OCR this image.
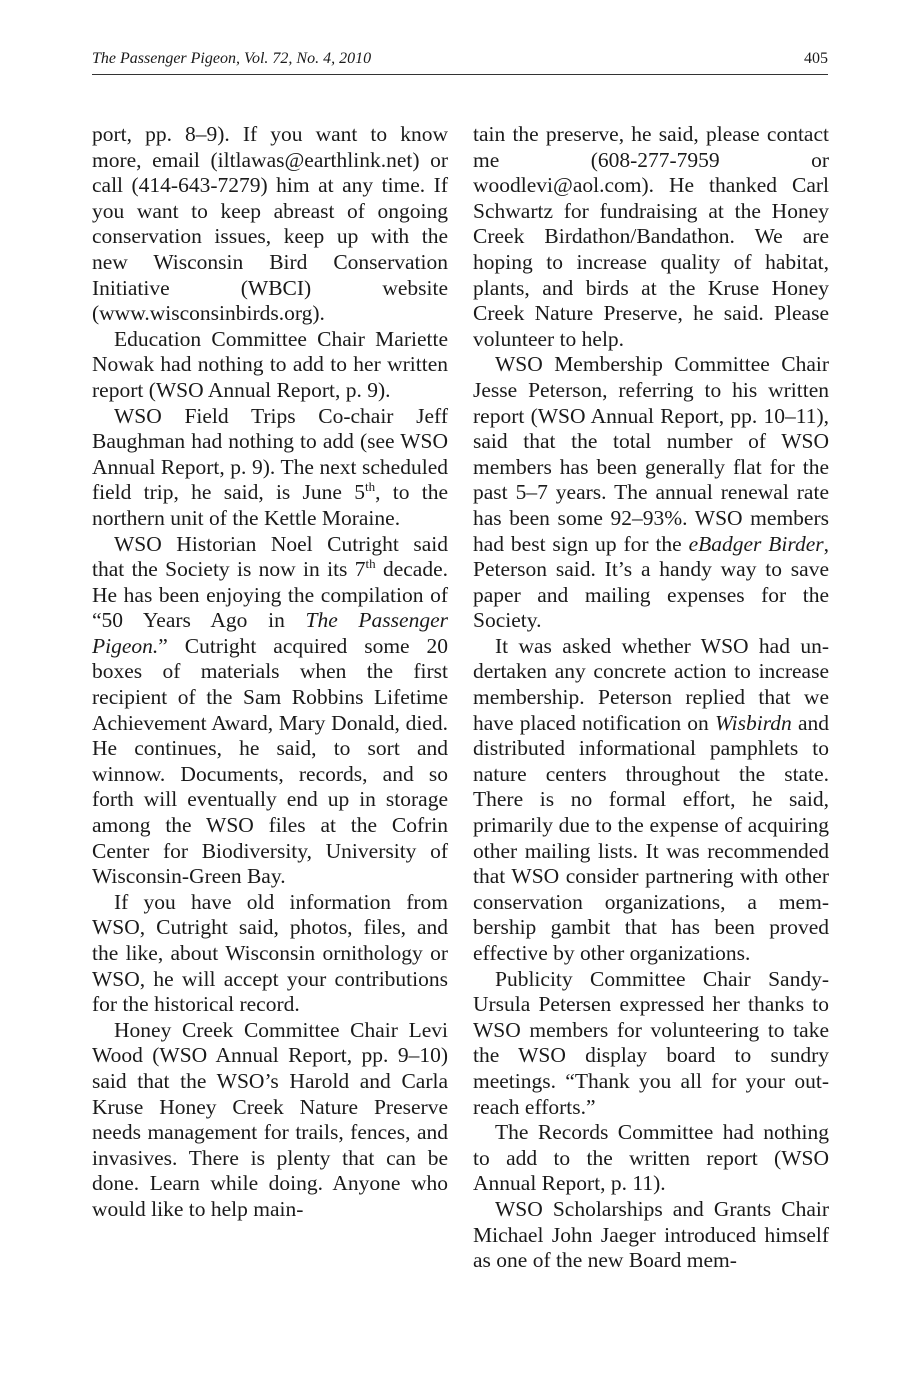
The Passenger Pigeon, Vol. 72, No. 4, 2010	405

port, pp. 8–9). If you want to know more, email (iltlawas@earthlink.net) or call (414-643-7279) him at any time. If you want to keep abreast of ongoing conservation issues, keep up with the new Wisconsin Bird Conservation Initiative (WBCI) website (www.wisconsinbirds.org).

Education Committee Chair Mariette Nowak had nothing to add to her written report (WSO Annual Report, p. 9).

WSO Field Trips Co-chair Jeff Baughman had nothing to add (see WSO Annual Report, p. 9). The next scheduled field trip, he said, is June 5th, to the northern unit of the Kettle Moraine.

WSO Historian Noel Cutright said that the Society is now in its 7th decade. He has been enjoying the compilation of “50 Years Ago in The Passenger Pigeon.” Cutright acquired some 20 boxes of materials when the first recipient of the Sam Robbins Lifetime Achievement Award, Mary Donald, died. He continues, he said, to sort and winnow. Documents, records, and so forth will eventually end up in storage among the WSO files at the Cofrin Center for Biodiversity, University of Wisconsin-Green Bay.

If you have old information from WSO, Cutright said, photos, files, and the like, about Wisconsin ornithology or WSO, he will accept your contributions for the historical record.

Honey Creek Committee Chair Levi Wood (WSO Annual Report, pp. 9–10) said that the WSO’s Harold and Carla Kruse Honey Creek Nature Preserve needs management for trails, fences, and invasives. There is plenty that can be done. Learn while doing. Anyone who would like to help main-

tain the preserve, he said, please contact me (608-277-7959 or woodlevi@aol.com). He thanked Carl Schwartz for fundraising at the Honey Creek Birdathon/Bandathon. We are hoping to increase quality of habitat, plants, and birds at the Kruse Honey Creek Nature Preserve, he said. Please volunteer to help.

WSO Membership Committee Chair Jesse Peterson, referring to his written report (WSO Annual Report, pp. 10–11), said that the total number of WSO members has been generally flat for the past 5–7 years. The annual renewal rate has been some 92–93%. WSO members had best sign up for the eBadger Birder, Peterson said. It’s a handy way to save paper and mailing expenses for the Society.

It was asked whether WSO had undertaken any concrete action to increase membership. Peterson replied that we have placed notification on Wisbirdn and distributed informational pamphlets to nature centers throughout the state. There is no formal effort, he said, primarily due to the expense of acquiring other mailing lists. It was recommended that WSO consider partnering with other conservation organizations, a membership gambit that has been proved effective by other organizations.

Publicity Committee Chair Sandy-Ursula Petersen expressed her thanks to WSO members for volunteering to take the WSO display board to sundry meetings. “Thank you all for your outreach efforts.”

The Records Committee had nothing to add to the written report (WSO Annual Report, p. 11).

WSO Scholarships and Grants Chair Michael John Jaeger introduced himself as one of the new Board mem-
